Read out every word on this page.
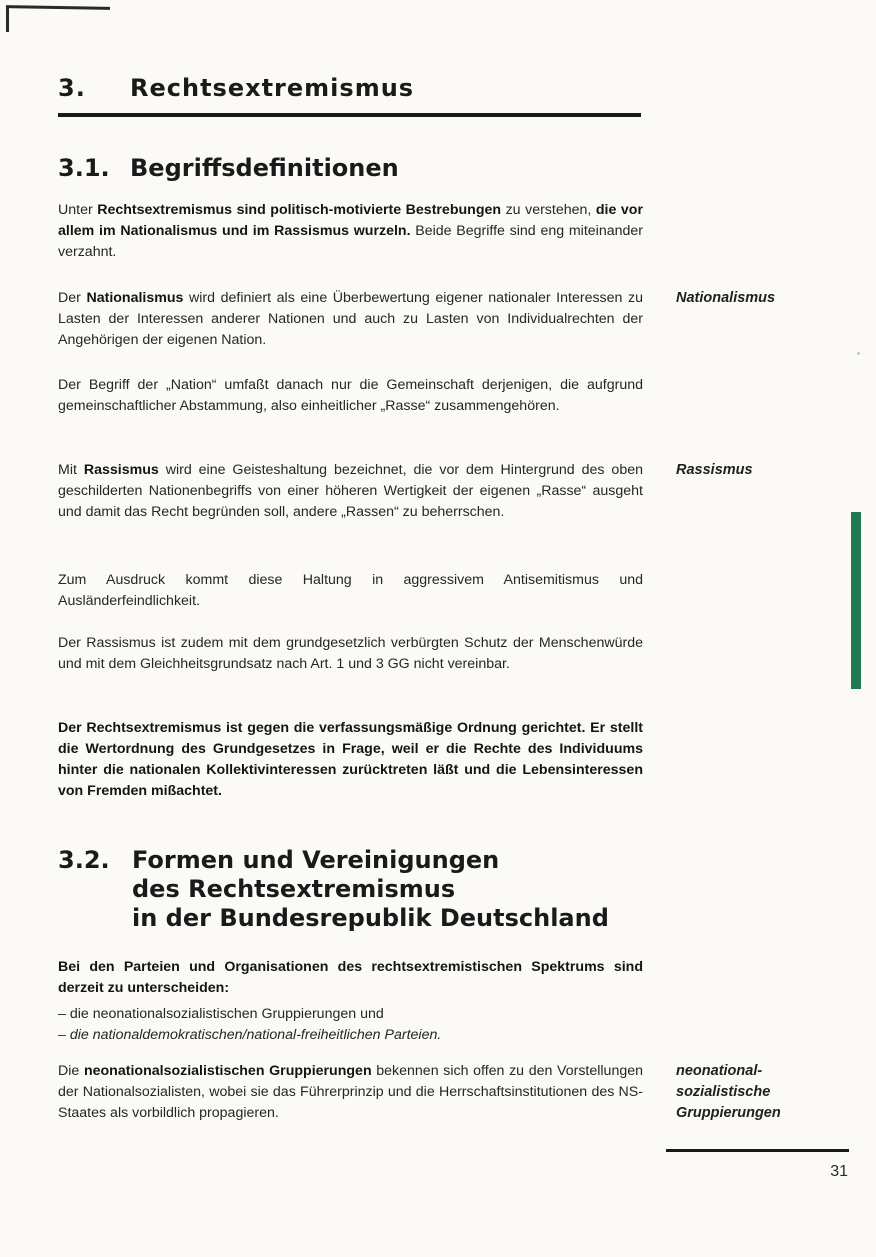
3. Rechtsextremismus
3.1. Begriffsdefinitionen
Unter Rechtsextremismus sind politisch-motivierte Bestrebungen zu verstehen, die vor allem im Nationalismus und im Rassismus wurzeln. Beide Begriffe sind eng miteinander verzahnt.
Der Nationalismus wird definiert als eine Überbewertung eigener nationaler Interessen zu Lasten der Interessen anderer Nationen und auch zu Lasten von Individualrechten der Angehörigen der eigenen Nation.
Nationalismus
Der Begriff der „Nation“ umfaßt danach nur die Gemeinschaft derjenigen, die aufgrund gemeinschaftlicher Abstammung, also einheitlicher „Rasse“ zusammengehören.
Mit Rassismus wird eine Geisteshaltung bezeichnet, die vor dem Hintergrund des oben geschilderten Nationenbegriffs von einer höheren Wertigkeit der eigenen „Rasse“ ausgeht und damit das Recht begründen soll, andere „Rassen“ zu beherrschen.
Rassismus
Zum Ausdruck kommt diese Haltung in aggressivem Antisemitismus und Ausländerfeindlichkeit.
Der Rassismus ist zudem mit dem grundgesetzlich verbürgten Schutz der Menschenwürde und mit dem Gleichheitsgrundsatz nach Art. 1 und 3 GG nicht vereinbar.
Der Rechtsextremismus ist gegen die verfassungsmäßige Ordnung gerichtet. Er stellt die Wertordnung des Grundgesetzes in Frage, weil er die Rechte des Individuums hinter die nationalen Kollektivinteressen zurücktreten läßt und die Lebensinteressen von Fremden mißachtet.
3.2. Formen und Vereinigungen
des Rechtsextremismus
in der Bundesrepublik Deutschland
Bei den Parteien und Organisationen des rechtsextremistischen Spektrums sind derzeit zu unterscheiden:
– die neonationalsozialistischen Gruppierungen und
– die nationaldemokratischen/national-freiheitlichen Parteien.
Die neonationalsozialistischen Gruppierungen bekennen sich offen zu den Vorstellungen der Nationalsozialisten, wobei sie das Führerprinzip und die Herrschaftsinstitutionen des NS-Staates als vorbildlich propagieren.
neonational-
sozialistische
Gruppierungen
31
